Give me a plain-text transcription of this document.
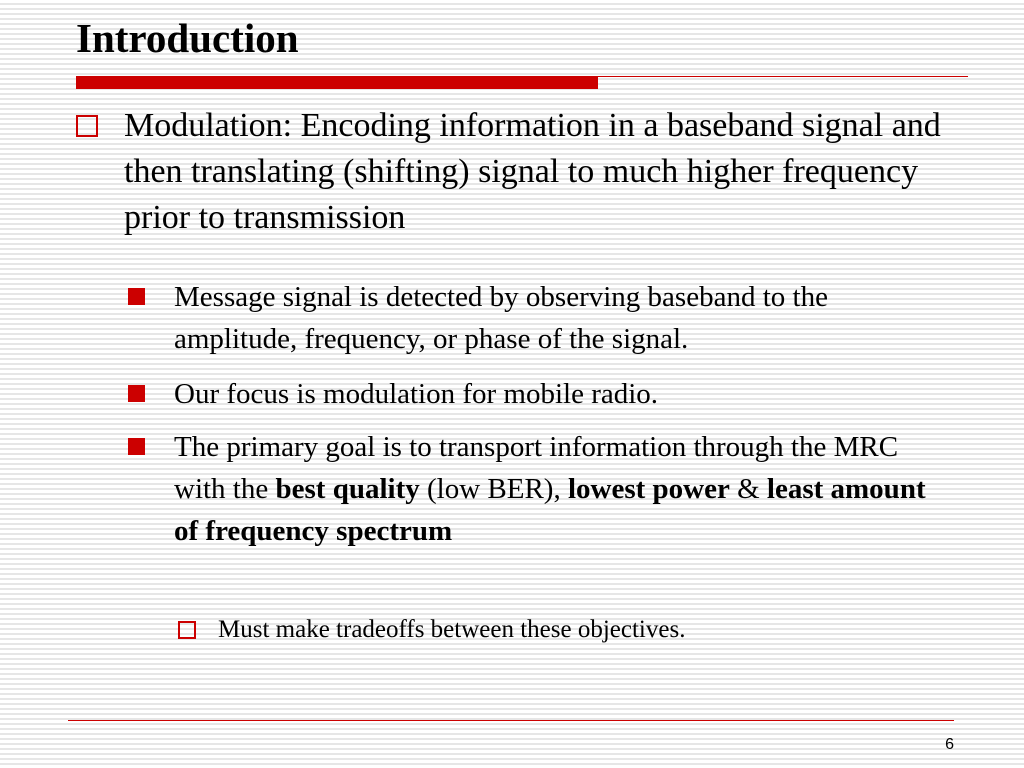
Introduction
Modulation: Encoding information in a baseband signal and then translating (shifting) signal to much higher frequency prior to transmission
Message signal is detected by observing baseband to the amplitude, frequency, or phase of the signal.
Our focus is modulation for mobile radio.
The primary goal is to transport information through the MRC with the best quality (low BER), lowest power & least amount of frequency spectrum
Must make tradeoffs between these objectives.
6
